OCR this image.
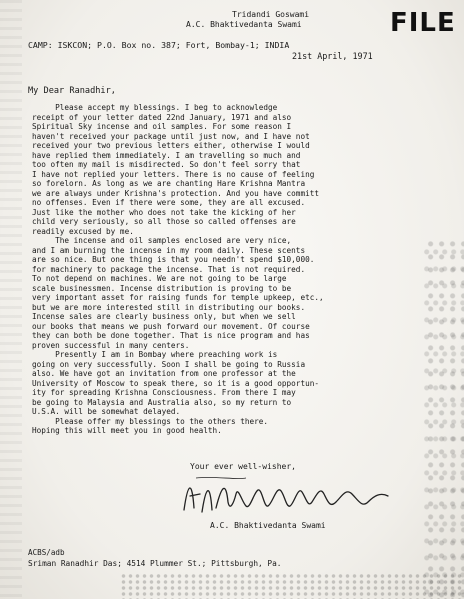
FILE
Tridandi Goswami
A.C. Bhaktivedanta Swami
CAMP: ISKCON; P.O. Box no. 387; Fort, Bombay-1; INDIA
21st April, 1971
My Dear Ranadhir,
Please accept my blessings. I beg to acknowledge
receipt of your letter dated 22nd January, 1971 and also
Spiritual Sky incense and oil samples. For some reason I
haven't received your package until just now, and I have not
received your two previous letters either, otherwise I would
have replied them immediately. I am travelling so much and
too often my mail is misdirected. So don't feel sorry that
I have not replied your letters. There is no cause of feeling
so forelorn. As long as we are chanting Hare Krishna Mantra
we are always under Krishna's protection. And you have committ
no offenses. Even if there were some, they are all excused.
Just like the mother who does not take the kicking of her
child very seriously, so all those so called offenses are
readily excused by me.
The incense and oil samples enclosed are very nice,
and I am burning the incense in my room daily. These scents
are so nice. But one thing is that you needn't spend $10,000.
for machinery to package the incense. That is not required.
To not depend on machines. We are not going to be large
scale businessmen. Incense distribution is proving to be
very important asset for raising funds for temple upkeep, etc.,
but we are more interested still in distributing our books.
Incense sales are clearly business only, but when we sell
our books that means we push forward our movement. Of course
they can both be done together. That is nice program and has
proven successful in many centers.
Presently I am in Bombay where preaching work is
going on very successfully. Soon I shall be going to Russia
also. We have got an invitation from one professor at the
University of Moscow to speak there, so it is a good opportun-
ity for spreading Krishna Consciousness. From there I may
be going to Malaysia and Australia also, so my return to
U.S.A. will be somewhat delayed.
Please offer my blessings to the others there.
Hoping this will meet you in good health.
Your ever well-wisher,
A.C. Bhaktivedanta Swami
ACBS/adb
Sriman Ranadhir Das; 4514 Plummer St.; Pittsburgh, Pa.
